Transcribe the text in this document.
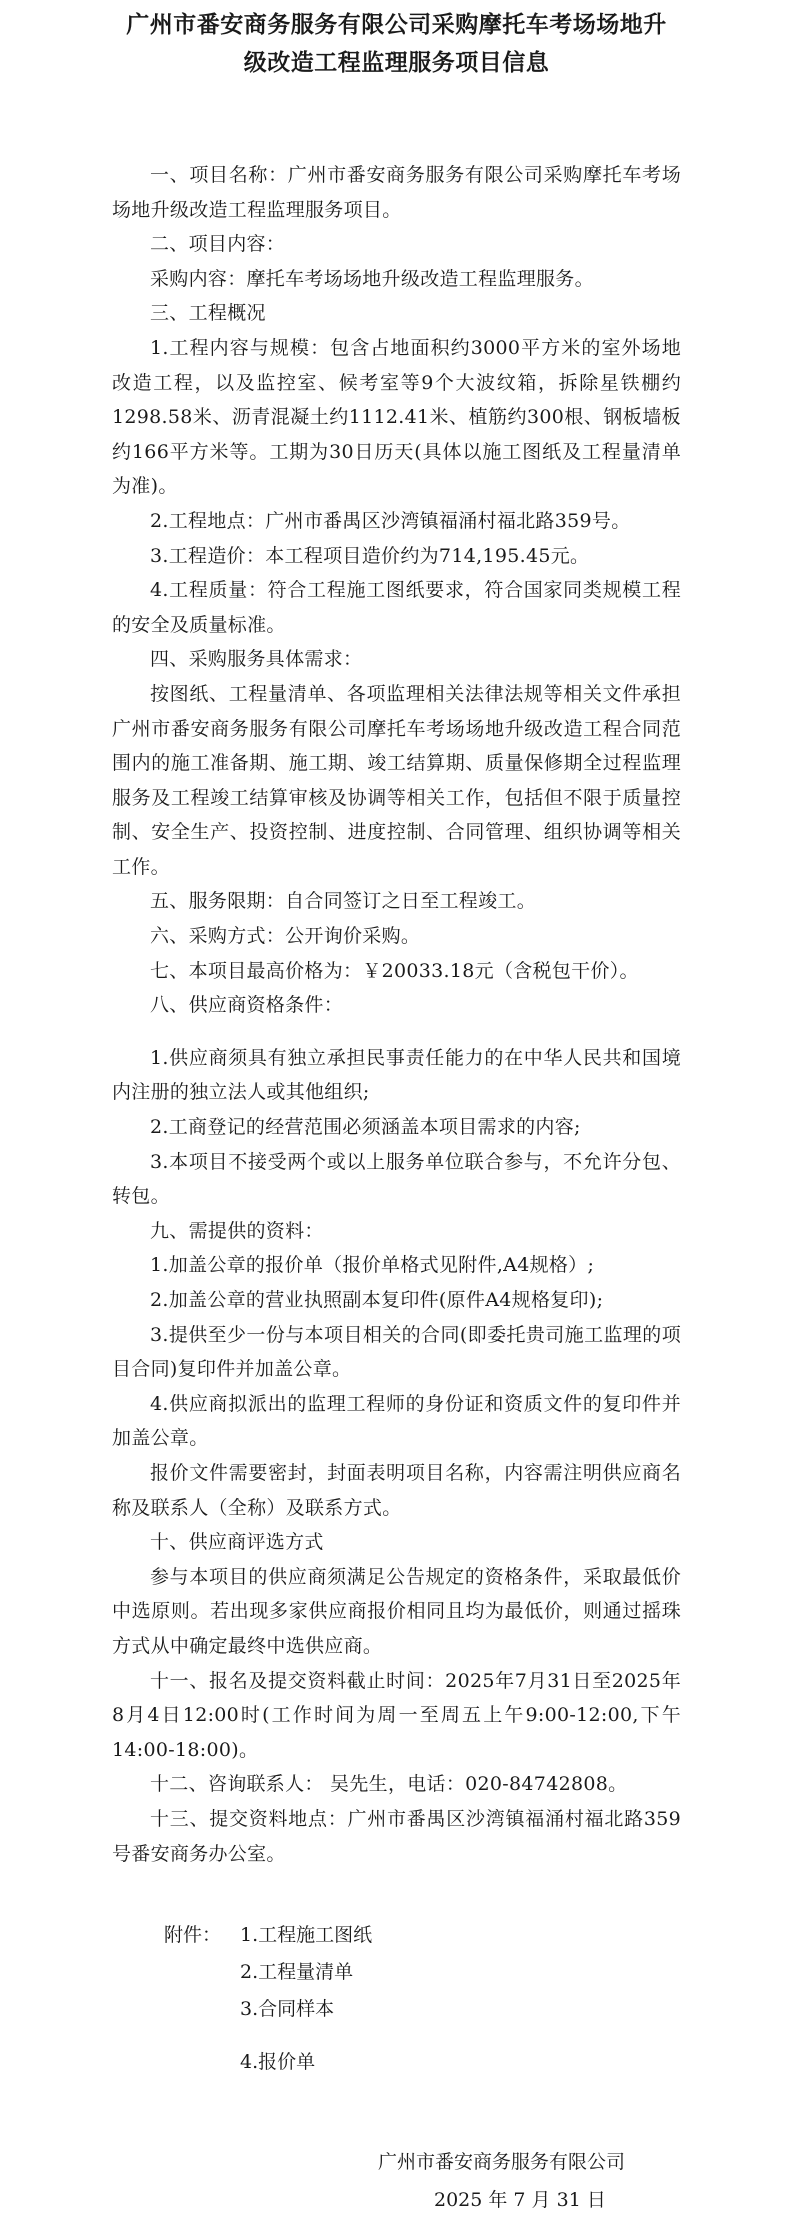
广州市番安商务服务有限公司采购摩托车考场场地升
级改造工程监理服务项目信息

一、项目名称：广州市番安商务服务有限公司采购摩托车考场场地升级改造工程监理服务项目。

二、项目内容：

采购内容：摩托车考场场地升级改造工程监理服务。

三、工程概况

1.工程内容与规模：包含占地面积约3000平方米的室外场地改造工程，以及监控室、候考室等9个大波纹箱，拆除星铁棚约1298.58米、沥青混凝土约1112.41米、植筋约300根、钢板墙板约166平方米等。工期为30日历天(具体以施工图纸及工程量清单为准)。

2.工程地点：广州市番禺区沙湾镇福涌村福北路359号。

3.工程造价：本工程项目造价约为714,195.45元。

4.工程质量：符合工程施工图纸要求，符合国家同类规模工程的安全及质量标准。

四、采购服务具体需求：

按图纸、工程量清单、各项监理相关法律法规等相关文件承担广州市番安商务服务有限公司摩托车考场场地升级改造工程合同范围内的施工准备期、施工期、竣工结算期、质量保修期全过程监理服务及工程竣工结算审核及协调等相关工作，包括但不限于质量控制、安全生产、投资控制、进度控制、合同管理、组织协调等相关工作。

五、服务限期：自合同签订之日至工程竣工。

六、采购方式：公开询价采购。

七、本项目最高价格为：￥20033.18元（含税包干价）。

八、供应商资格条件：

1.供应商须具有独立承担民事责任能力的在中华人民共和国境内注册的独立法人或其他组织;

2.工商登记的经营范围必须涵盖本项目需求的内容;

3.本项目不接受两个或以上服务单位联合参与，不允许分包、转包。

九、需提供的资料：

1.加盖公章的报价单（报价单格式见附件,A4规格）;

2.加盖公章的营业执照副本复印件(原件A4规格复印);

3.提供至少一份与本项目相关的合同(即委托贵司施工监理的项目合同)复印件并加盖公章。

4.供应商拟派出的监理工程师的身份证和资质文件的复印件并加盖公章。

报价文件需要密封，封面表明项目名称，内容需注明供应商名称及联系人（全称）及联系方式。

十、供应商评选方式

参与本项目的供应商须满足公告规定的资格条件，采取最低价中选原则。若出现多家供应商报价相同且均为最低价，则通过摇珠方式从中确定最终中选供应商。

十一、报名及提交资料截止时间：2025年7月31日至2025年8月4日12:00时(工作时间为周一至周五上午9:00-12:00,下午14:00-18:00)。

十二、咨询联系人： 吴先生，电话：020-84742808。

十三、提交资料地点：广州市番禺区沙湾镇福涌村福北路359号番安商务办公室。

附件： 1.工程施工图纸
2.工程量清单
3.合同样本
4.报价单
广州市番安商务服务有限公司
2025 年 7 月 31 日
